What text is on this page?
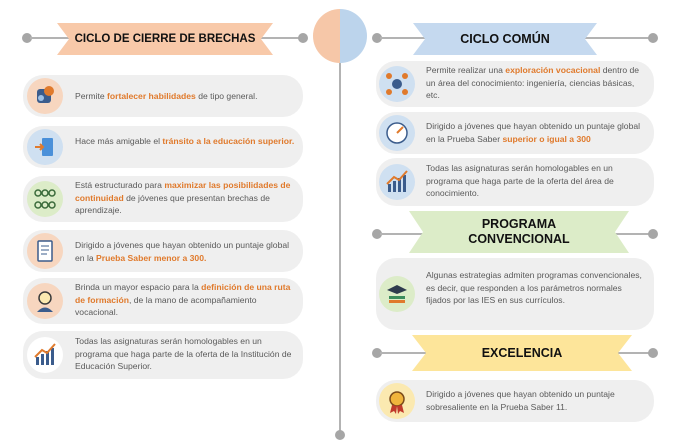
CICLO DE CIERRE DE BRECHAS	CICLO COMÚN
PROGRAMA
CONVENCIONAL
EXCELENCIA
Permite fortalecer habilidades de tipo general.
Hace más amigable el tránsito a la educación superior.
Está estructurado para maximizar las posibilidades de continuidad de jóvenes que presentan brechas de aprendizaje.
Dirigido a jóvenes que hayan obtenido un puntaje global en la Prueba Saber menor a 300.
Brinda un mayor espacio para la definición de una ruta de formación, de la mano de acompañamiento vocacional.
Todas las asignaturas serán homologables en un programa que haga parte de la oferta de la Institución de Educación Superior.
Permite realizar una exploración vocacional dentro de un área del conocimiento: ingeniería, ciencias básicas, etc.
Dirigido a jóvenes que hayan obtenido un puntaje global en la Prueba Saber superior o igual a 300
Todas las asignaturas serán homologables en un programa que haga parte de la oferta del área de conocimiento.
Algunas estrategias admiten programas convencionales, es decir, que responden a los parámetros normales fijados por las IES en sus currículos.
Dirigido a jóvenes que hayan obtenido un puntaje sobresaliente en la Prueba Saber 11.
